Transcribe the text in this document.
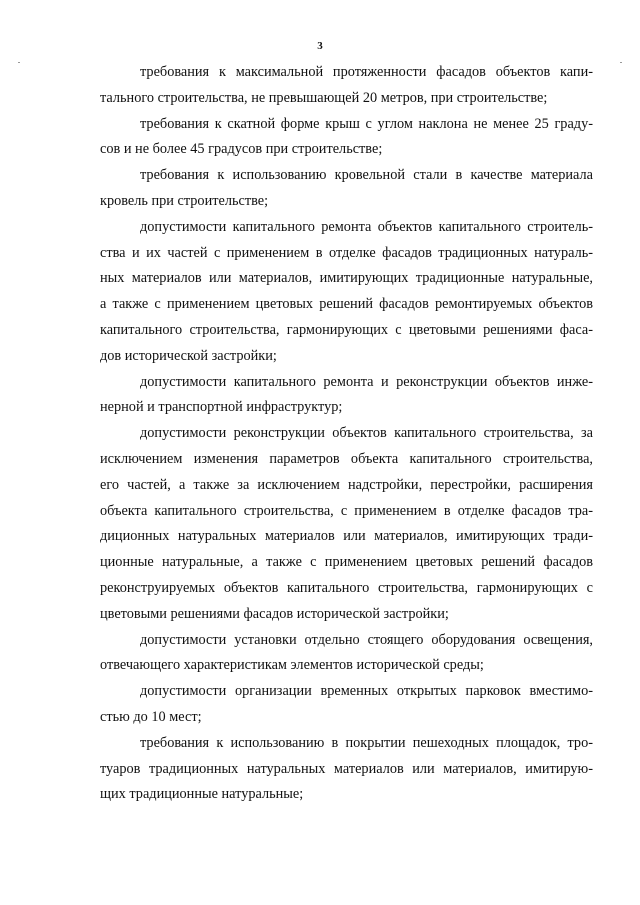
3
требования к максимальной протяженности фасадов объектов капи-
тального строительства, не превышающей 20 метров, при строительстве;
требования к скатной форме крыш с углом наклона не менее 25 граду-
сов и не более 45 градусов при строительстве;
требования к использованию кровельной стали в качестве материала
кровель при строительстве;
допустимости капитального ремонта объектов капитального строитель-
ства и их частей с применением в отделке фасадов традиционных натураль-
ных материалов или материалов, имитирующих традиционные натуральные,
а также с применением цветовых решений фасадов ремонтируемых объектов
капитального строительства, гармонирующих с цветовыми решениями фаса-
дов исторической застройки;
допустимости капитального ремонта и реконструкции объектов инже-
нерной и транспортной инфраструктур;
допустимости реконструкции объектов капитального строительства, за
исключением изменения параметров объекта капитального строительства,
его частей, а также за исключением надстройки, перестройки, расширения
объекта капитального строительства, с применением в отделке фасадов тра-
диционных натуральных материалов или материалов, имитирующих тради-
ционные натуральные, а также с применением цветовых решений фасадов
реконструируемых объектов капитального строительства, гармонирующих с
цветовыми решениями фасадов исторической застройки;
допустимости установки отдельно стоящего оборудования освещения,
отвечающего характеристикам элементов исторической среды;
допустимости организации временных открытых парковок вместимо-
стью до 10 мест;
требования к использованию в покрытии пешеходных площадок, тро-
туаров традиционных натуральных материалов или материалов, имитирую-
щих традиционные натуральные;
